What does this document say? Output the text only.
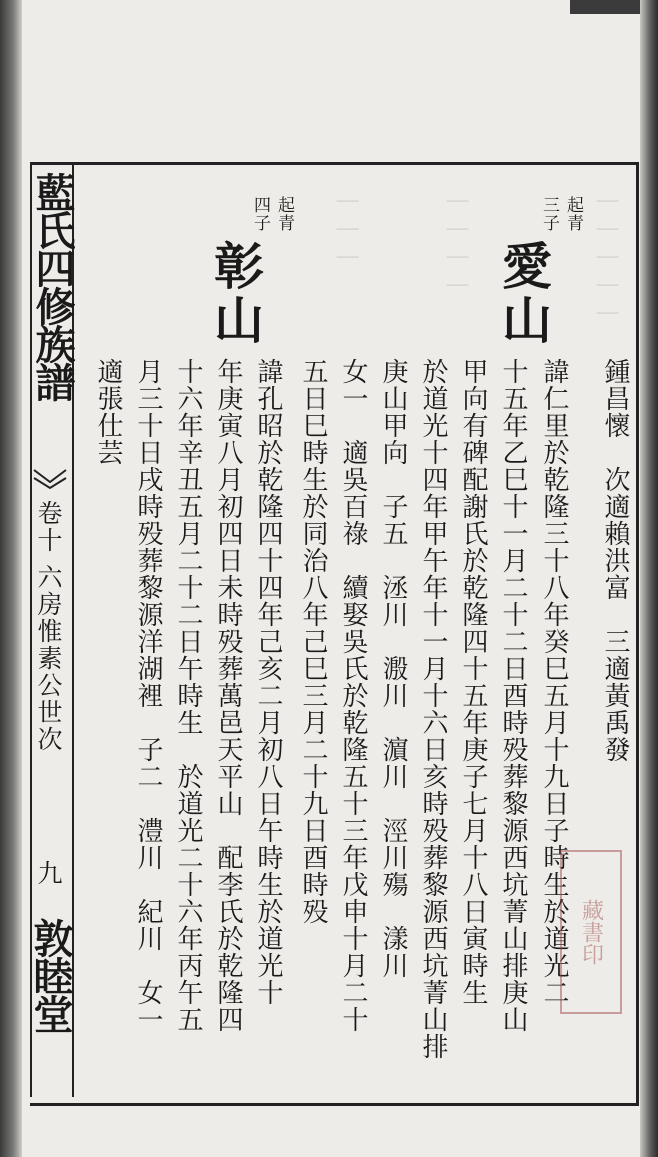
｜｜｜｜｜
｜｜｜｜
｜｜｜
藍氏四修族譜
卷十 六房惟素公世次
九
敦睦堂
起青
三子
愛山
鍾昌懷　次適賴洪富　三適黃禹發
諱仁里於乾隆三十八年癸巳五月十九日子時生於道光二
十五年乙巳十一月二十二日酉時殁葬黎源西坑菁山排庚山
甲向有碑配謝氏於乾隆四十五年庚子七月十八日寅時生
於道光十四年甲午年十一月十六日亥時殁葬黎源西坑菁山排
庚山甲向　子五　洆川　溵川　濵川　涇川殤　漾川
女一　適吳百祿　續娶吳氏於乾隆五十三年戊申十月二十
五日巳時生於同治八年己巳三月二十九日酉時殁
起青
四子
彰山
諱孔昭於乾隆四十四年己亥二月初八日午時生於道光十
年庚寅八月初四日未時殁葬萬邑天平山　配李氏於乾隆四
十六年辛丑五月二十二日午時生　於道光二十六年丙午五
月三十日戌時殁葬黎源洋湖裡　子二　澧川　紀川　女一
適張仕芸
藏書印
